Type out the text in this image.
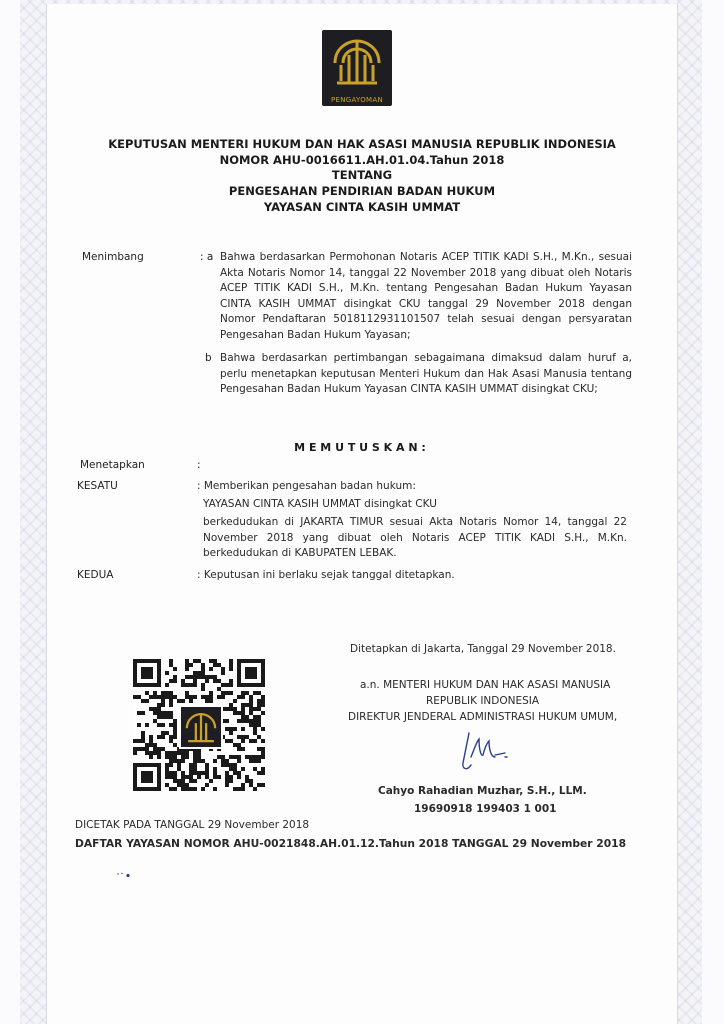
PENGAYOMAN
KEPUTUSAN MENTERI HUKUM DAN HAK ASASI MANUSIA REPUBLIK INDONESIA
NOMOR AHU-0016611.AH.01.04.Tahun 2018
TENTANG
PENGESAHAN PENDIRIAN BADAN HUKUM
YAYASAN CINTA KASIH UMMAT
Menimbang	: a Bahwa berdasarkan Permohonan Notaris ACEP TITIK KADI S.H., M.Kn., sesuai Akta Notaris Nomor 14, tanggal 22 November 2018 yang dibuat oleh Notaris ACEP TITIK KADI S.H., M.Kn. tentang Pengesahan Badan Hukum Yayasan CINTA KASIH UMMAT disingkat CKU tanggal 29 November 2018 dengan Nomor Pendaftaran 5018112931101507 telah sesuai dengan persyaratan Pengesahan Badan Hukum Yayasan;
b Bahwa berdasarkan pertimbangan sebagaimana dimaksud dalam huruf a, perlu menetapkan keputusan Menteri Hukum dan Hak Asasi Manusia tentang Pengesahan Badan Hukum Yayasan CINTA KASIH UMMAT disingkat CKU;
M E M U T U S K A N :
Menetapkan	:
KESATU	: Memberikan pengesahan badan hukum:
YAYASAN CINTA KASIH UMMAT disingkat CKU
berkedudukan di JAKARTA TIMUR sesuai Akta Notaris Nomor 14, tanggal 22 November 2018 yang dibuat oleh Notaris ACEP TITIK KADI S.H., M.Kn. berkedudukan di KABUPATEN LEBAK.
KEDUA	: Keputusan ini berlaku sejak tanggal ditetapkan.
Ditetapkan di Jakarta, Tanggal 29 November 2018.
a.n. MENTERI HUKUM DAN HAK ASASI MANUSIA
REPUBLIK INDONESIA
DIREKTUR JENDERAL ADMINISTRASI HUKUM UMUM,
Cahyo Rahadian Muzhar, S.H., LLM.
19690918 199403 1 001
DICETAK PADA TANGGAL 29 November 2018
DAFTAR YAYASAN NOMOR AHU-0021848.AH.01.12.Tahun 2018 TANGGAL 29 November 2018
